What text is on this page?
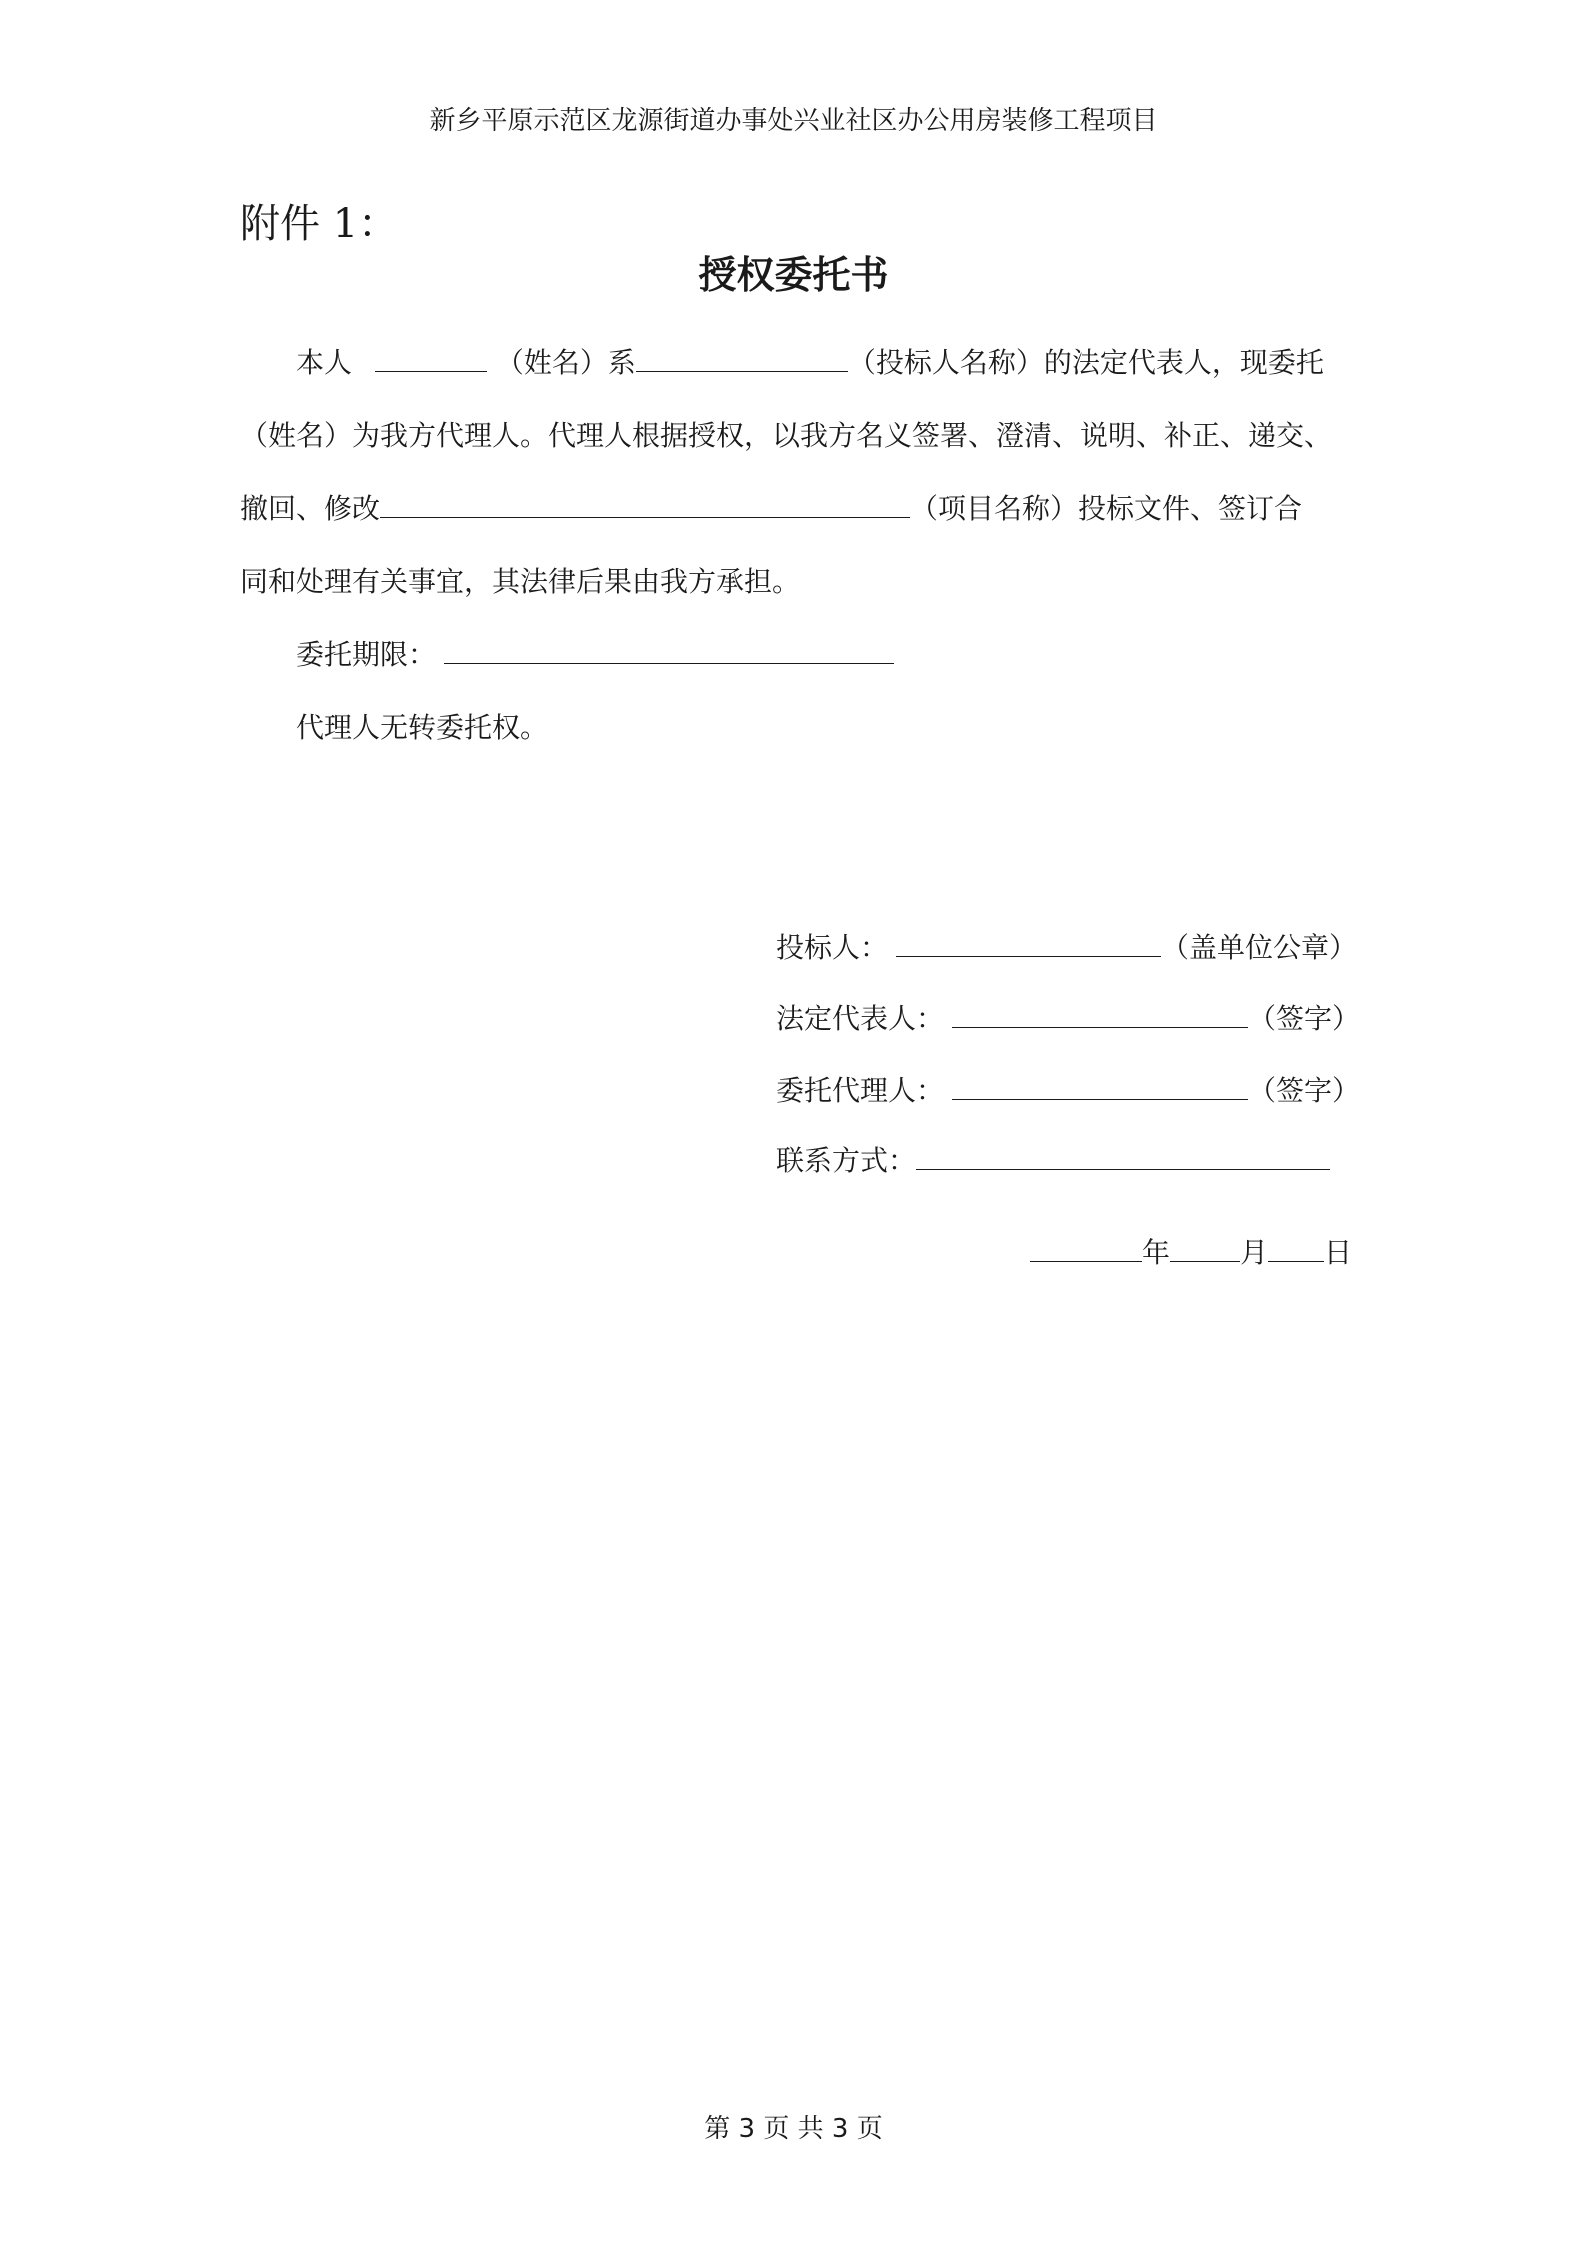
新乡平原示范区龙源街道办事处兴业社区办公用房装修工程项目
附件 1：
授权委托书
本人	（姓名）系	（投标人名称）的法定代表人，现委托
（姓名）为我方代理人。代理人根据授权，以我方名义签署、澄清、说明、补正、递交、
撤回、修改	（项目名称）投标文件、签订合
同和处理有关事宜，其法律后果由我方承担。
委托期限：
代理人无转委托权。
投标人：	（盖单位公章）
法定代表人：	（签字）
委托代理人：	（签字）
联系方式：
年	月 日
第 3 页 共 3 页
